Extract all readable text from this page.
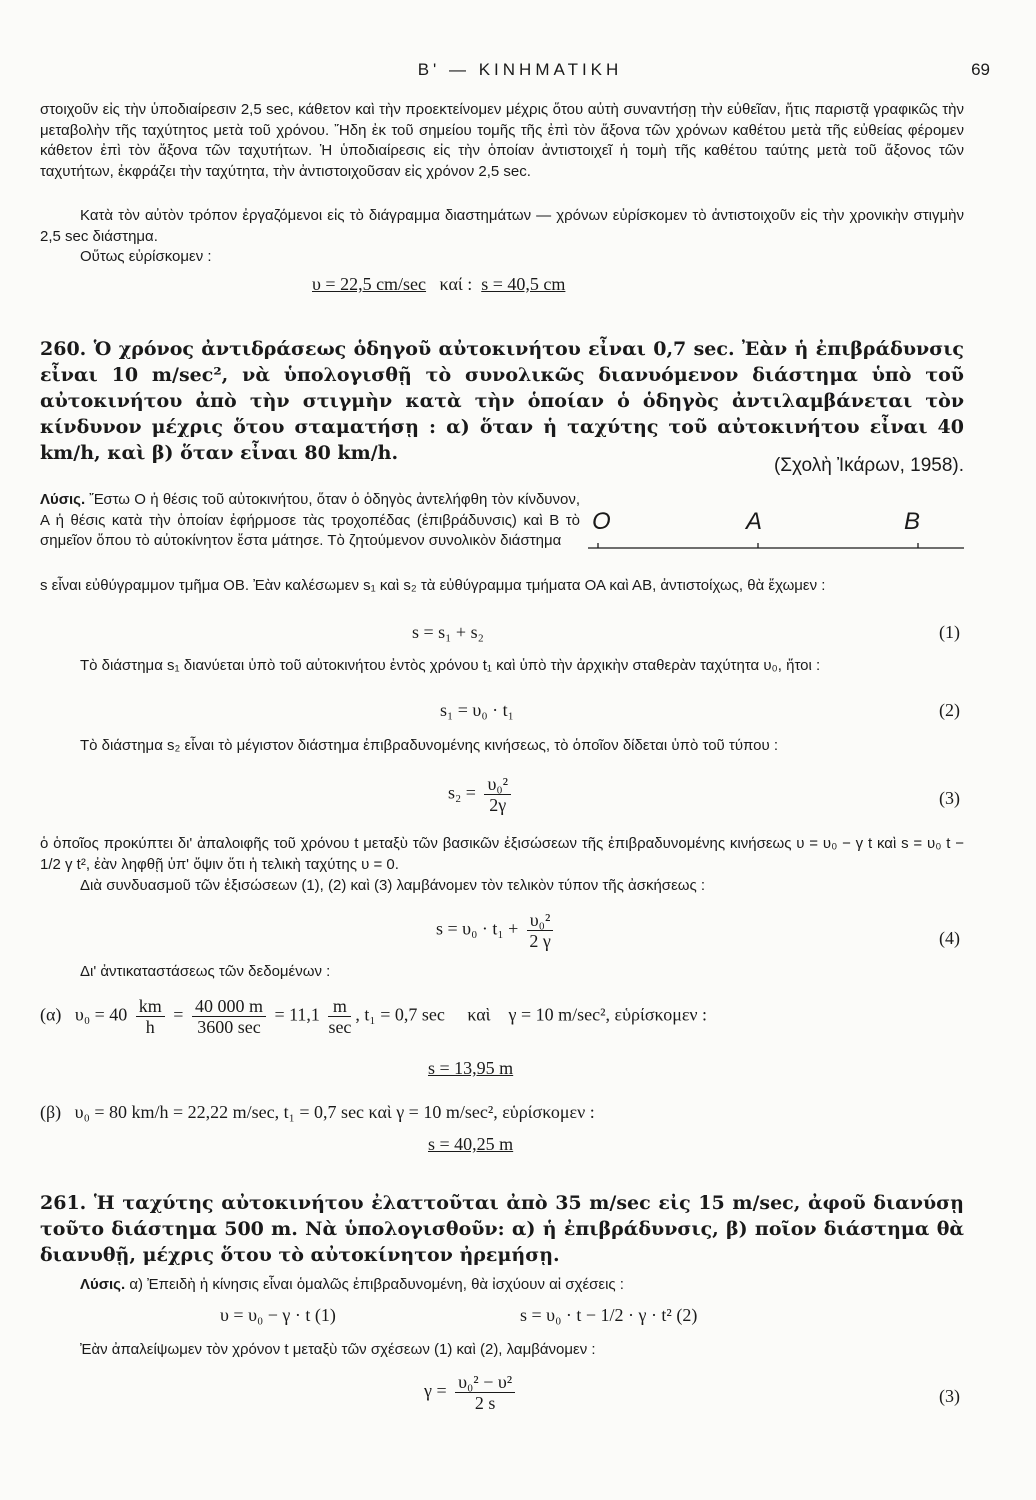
Β' — ΚΙΝΗΜΑΤΙΚΗ	69

στοιχοῦν εἰς τὴν ὑποδιαίρεσιν 2,5 sec, κάθετον καὶ τὴν προεκτείνομεν μέχρις ὅτου αὐτὴ συναντήσῃ τὴν εὐθεῖαν, ἥτις παριστᾷ γραφικῶς τὴν μεταβολὴν τῆς ταχύτητος μετὰ τοῦ χρόνου. Ἤδη ἐκ τοῦ σημείου τομῆς τῆς ἐπὶ τὸν ἄξονα τῶν χρόνων καθέτου μετὰ τῆς εὐθείας φέρομεν κάθετον ἐπὶ τὸν ἄξονα τῶν ταχυτήτων. Ἡ ὑποδιαίρεσις εἰς τὴν ὁποίαν ἀντιστοιχεῖ ἡ τομὴ τῆς καθέτου ταύτης μετὰ τοῦ ἄξονος τῶν ταχυτήτων, ἐκφράζει τὴν ταχύτητα, τὴν ἀντιστοιχοῦσαν εἰς χρόνον 2,5 sec.

Κατὰ τὸν αὐτὸν τρόπον ἐργαζόμενοι εἰς τὸ διάγραμμα διαστημάτων — χρόνων εὑρίσκομεν τὸ ἀντιστοιχοῦν εἰς τὴν χρονικὴν στιγμὴν 2,5 sec διάστημα.

Οὕτως εὑρίσκομεν :

υ = 22,5 cm/sec καί : s = 40,5 cm

260. Ὁ χρόνος ἀντιδράσεως ὁδηγοῦ αὐτοκινήτου εἶναι 0,7 sec. Ἐὰν ἡ ἐπιβράδυνσις εἶναι 10 m/sec², νὰ ὑπολογισθῇ τὸ συνολικῶς διανυόμενον διάστημα ὑπὸ τοῦ αὐτοκινήτου ἀπὸ τὴν στιγμὴν κατὰ τὴν ὁποίαν ὁ ὁδηγὸς ἀντιλαμβάνεται τὸν κίνδυνον μέχρις ὅτου σταματήσῃ : α) ὅταν ἡ ταχύτης τοῦ αὐτοκινήτου εἶναι 40 km/h, καὶ β) ὅταν εἶναι 80 km/h.

(Σχολὴ Ἰκάρων, 1958).

Λύσις. Ἔστω Ο ἡ θέσις τοῦ αὐτοκινήτου, ὅταν ὁ ὁδηγὸς ἀντελήφθη τὸν κίνδυνον, Α ἡ θέσις κατὰ τὴν ὁποίαν ἐφήρμοσε τὰς τροχοπέδας (ἐπιβράδυνσις) καὶ Β τὸ σημεῖον ὅπου τὸ αὐτοκίνητον ἔστα μάτησε. Τὸ ζητούμενον συνολικὸν διάστημα

O	A	B

s εἶναι εὐθύγραμμον τμῆμα ΟΒ. Ἐὰν καλέσωμεν s₁ καὶ s₂ τὰ εὐθύγραμμα τμήματα ΟΑ καὶ ΑΒ, ἀντιστοίχως, θὰ ἔχωμεν :

s = s₁ + s₂	(1)

Τὸ διάστημα s₁ διανύεται ὑπὸ τοῦ αὐτοκινήτου ἐντὸς χρόνου t₁ καὶ ὑπὸ τὴν ἀρχικὴν σταθερὰν ταχύτητα υ₀, ἤτοι :

s₁ = υ₀ · t₁	(2)

Τὸ διάστημα s₂ εἶναι τὸ μέγιστον διάστημα ἐπιβραδυνομένης κινήσεως, τὸ ὁποῖον δίδεται ὑπὸ τοῦ τύπου :

$s_2 = \frac{\text{υ₀²}}{2\gamma}$	(3)

ὁ ὁποῖος προκύπτει δι' ἀπαλοιφῆς τοῦ χρόνου t μεταξὺ τῶν βασικῶν ἐξισώσεων τῆς ἐπιβραδυνομένης κινήσεως υ = υ₀ − γ t καὶ s = υ₀ t − 1/2 γ t², ἐὰν ληφθῇ ὑπ' ὄψιν ὅτι ἡ τελικὴ ταχύτης υ = 0.

Διὰ συνδυασμοῦ τῶν ἐξισώσεων (1), (2) καὶ (3) λαμβάνομεν τὸν τελικὸν τύπον τῆς ἀσκήσεως :

$s = \upsilon_0 \cdot t_1 + \frac{\text{υ₀²}}{2 \gamma}$	(4)

Δι' ἀντικαταστάσεως τῶν δεδομένων :

(α) $\upsilon_0 = 40 \frac{km}{h} = \frac{40 000 m}{3600 \sec} = 11,1 \frac{m}{\sec}$ , t₁ = 0,7 sec καὶ γ = 10 m/sec², εὑρίσκομεν :
s = 13,95 m
(β) υ₀ = 80 km/h = 22,22 m/sec, t₁ = 0,7 sec καὶ γ = 10 m/sec², εὑρίσκομεν :
s = 40,25 m

261. Ἡ ταχύτης αὐτοκινήτου ἐλαττοῦται ἀπὸ 35 m/sec εἰς 15 m/sec, ἀφοῦ διανύσῃ τοῦτο διάστημα 500 m. Νὰ ὑπολογισθοῦν: α) ἡ ἐπιβράδυνσις, β) ποῖον διάστημα θὰ διανυθῇ, μέχρις ὅτου τὸ αὐτοκίνητον ἠρεμήσῃ.

Λύσις. α) Ἐπειδὴ ἡ κίνησις εἶναι ὁμαλῶς ἐπιβραδυνομένη, θὰ ἰσχύουν αἱ σχέσεις :

υ = υ₀ − γ · t (1)	s = υ₀ · t − 1/2 · γ · t² (2)

Ἐὰν ἀπαλείψωμεν τὸν χρόνον t μεταξὺ τῶν σχέσεων (1) καὶ (2), λαμβάνομεν :

$\gamma = \frac{\text{υ₀² − υ²}}{2 s}$	(3)
